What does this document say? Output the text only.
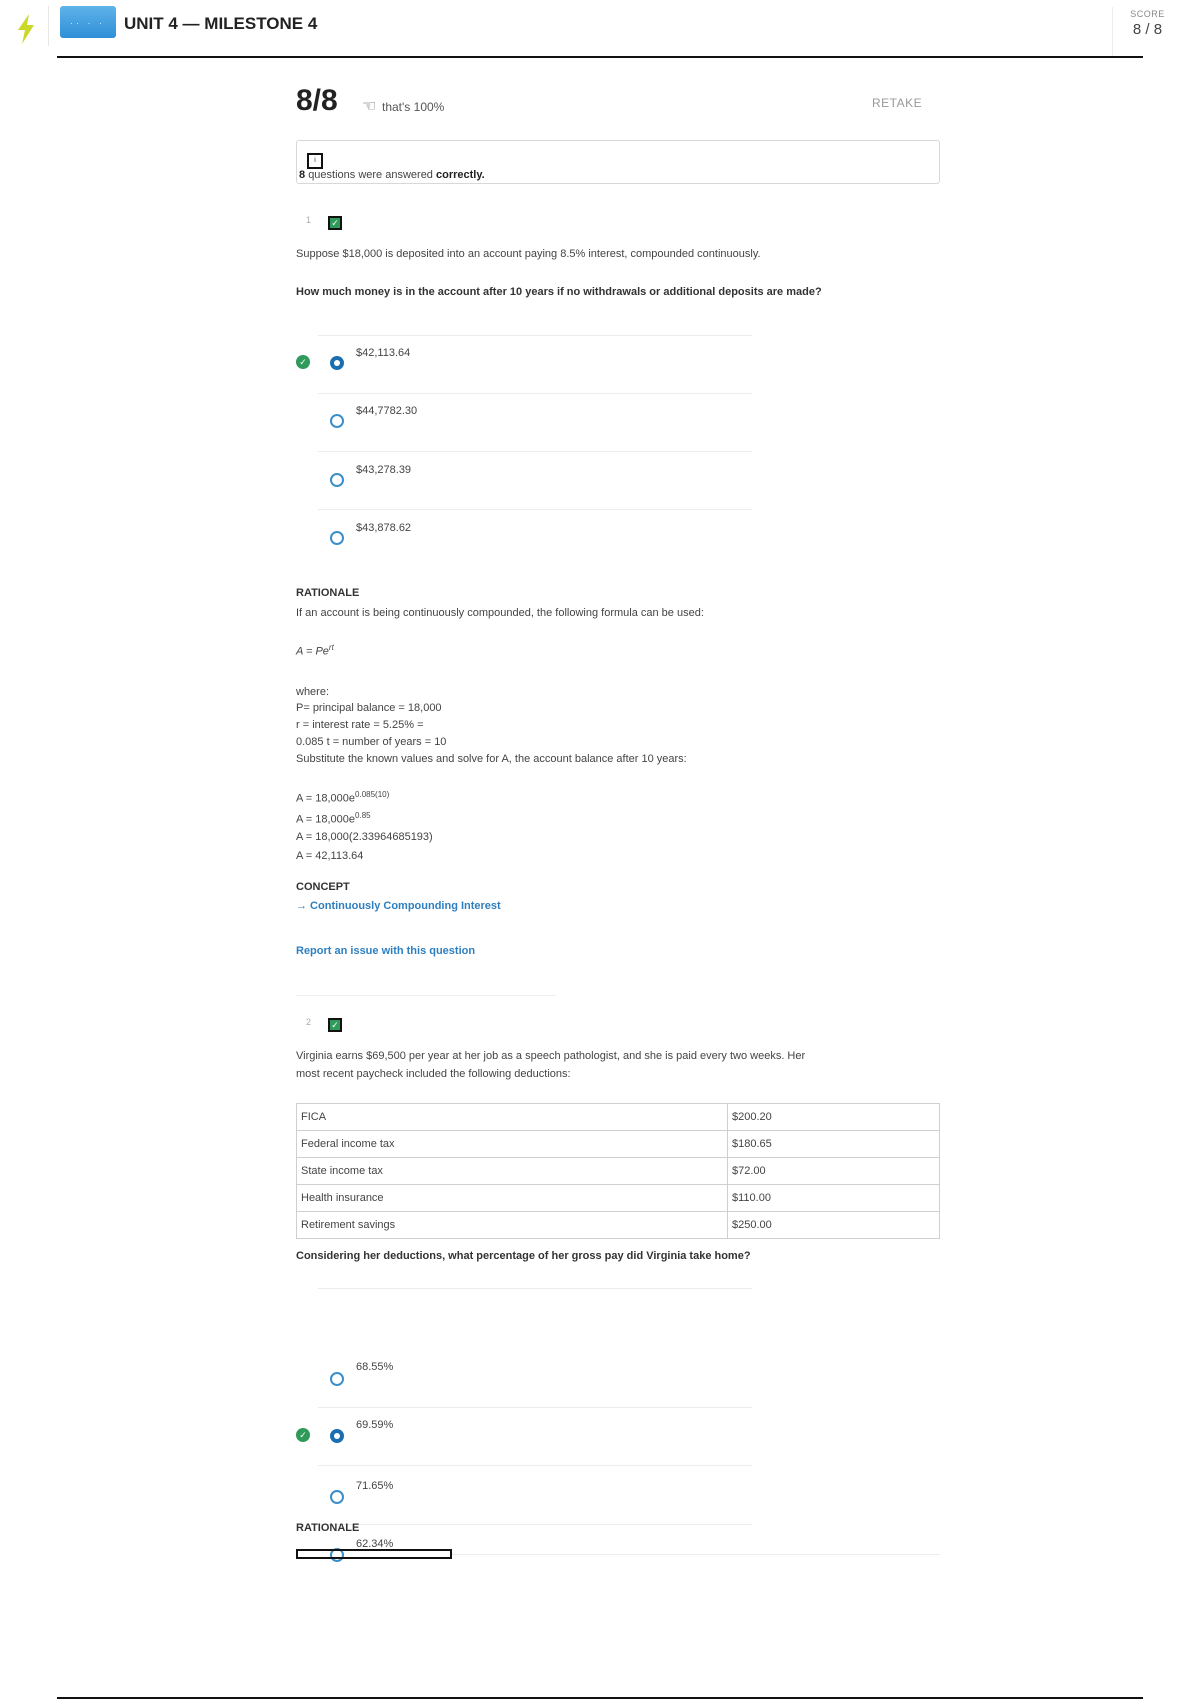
·· · · UNIT 4 — MILESTONE 4	SCORE
8 / 8
8/8 ☜ that's 100%	RETAKE
i
8 questions were answered correctly.
1	✓
Suppose $18,000 is deposited into an account paying 8.5% interest, compounded continuously.
How much money is in the account after 10 years if no withdrawals or additional deposits are made?
✓
$42,113.64
$44,7782.30
$43,278.39
$43,878.62
RATIONALE
If an account is being continuously compounded, the following formula can be used:
$A = Pe^{rt}$
where:
P= principal balance = 18,000
r = interest rate = 5.25% =
0.085 t = number of years = 10
Substitute the known values and solve for A, the account balance after 10 years:
$A = 18,000e^{0.085(10)}$
$A = 18,000e^{0.85}$
A = 18,000(2.33964685193)
A = 42,113.64
CONCEPT
→ Continuously Compounding Interest
Report an issue with this question
2	✓
Virginia earns $69,500 per year at her job as a speech pathologist, and she is paid every two weeks. Her
most recent paycheck included the following deductions:
FICA	$200.20
Federal income tax	$180.65
State income tax	$72.00
Health insurance	$110.00
Retirement savings	$250.00
Considering her deductions, what percentage of her gross pay did Virginia take home?
68.55%
✓
69.59%
71.65%
62.34%
RATIONALE
